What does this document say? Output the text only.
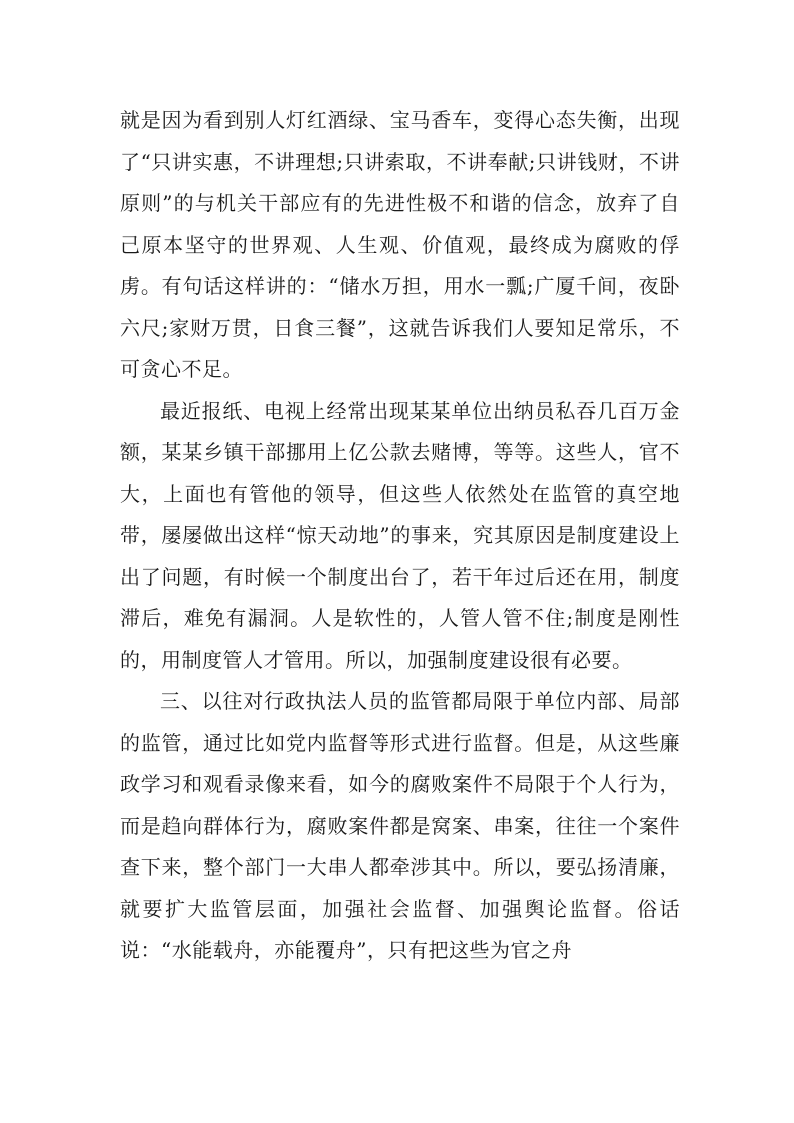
就是因为看到别人灯红酒绿、宝马香车，变得心态失衡，出现了“只讲实惠，不讲理想;只讲索取，不讲奉献;只讲钱财，不讲原则”的与机关干部应有的先进性极不和谐的信念，放弃了自己原本坚守的世界观、人生观、价值观，最终成为腐败的俘虏。有句话这样讲的：“储水万担，用水一瓢;广厦千间，夜卧六尺;家财万贯，日食三餐”，这就告诉我们人要知足常乐，不可贪心不足。

最近报纸、电视上经常出现某某单位出纳员私吞几百万金额，某某乡镇干部挪用上亿公款去赌博，等等。这些人，官不大，上面也有管他的领导，但这些人依然处在监管的真空地带，屡屡做出这样“惊天动地”的事来，究其原因是制度建设上出了问题，有时候一个制度出台了，若干年过后还在用，制度滞后，难免有漏洞。人是软性的，人管人管不住;制度是刚性的，用制度管人才管用。所以，加强制度建设很有必要。

三、以往对行政执法人员的监管都局限于单位内部、局部的监管，通过比如党内监督等形式进行监督。但是，从这些廉政学习和观看录像来看，如今的腐败案件不局限于个人行为，而是趋向群体行为，腐败案件都是窝案、串案，往往一个案件查下来，整个部门一大串人都牵涉其中。所以，要弘扬清廉，就要扩大监管层面，加强社会监督、加强舆论监督。俗话说：“水能载舟，亦能覆舟”，只有把这些为官之舟
